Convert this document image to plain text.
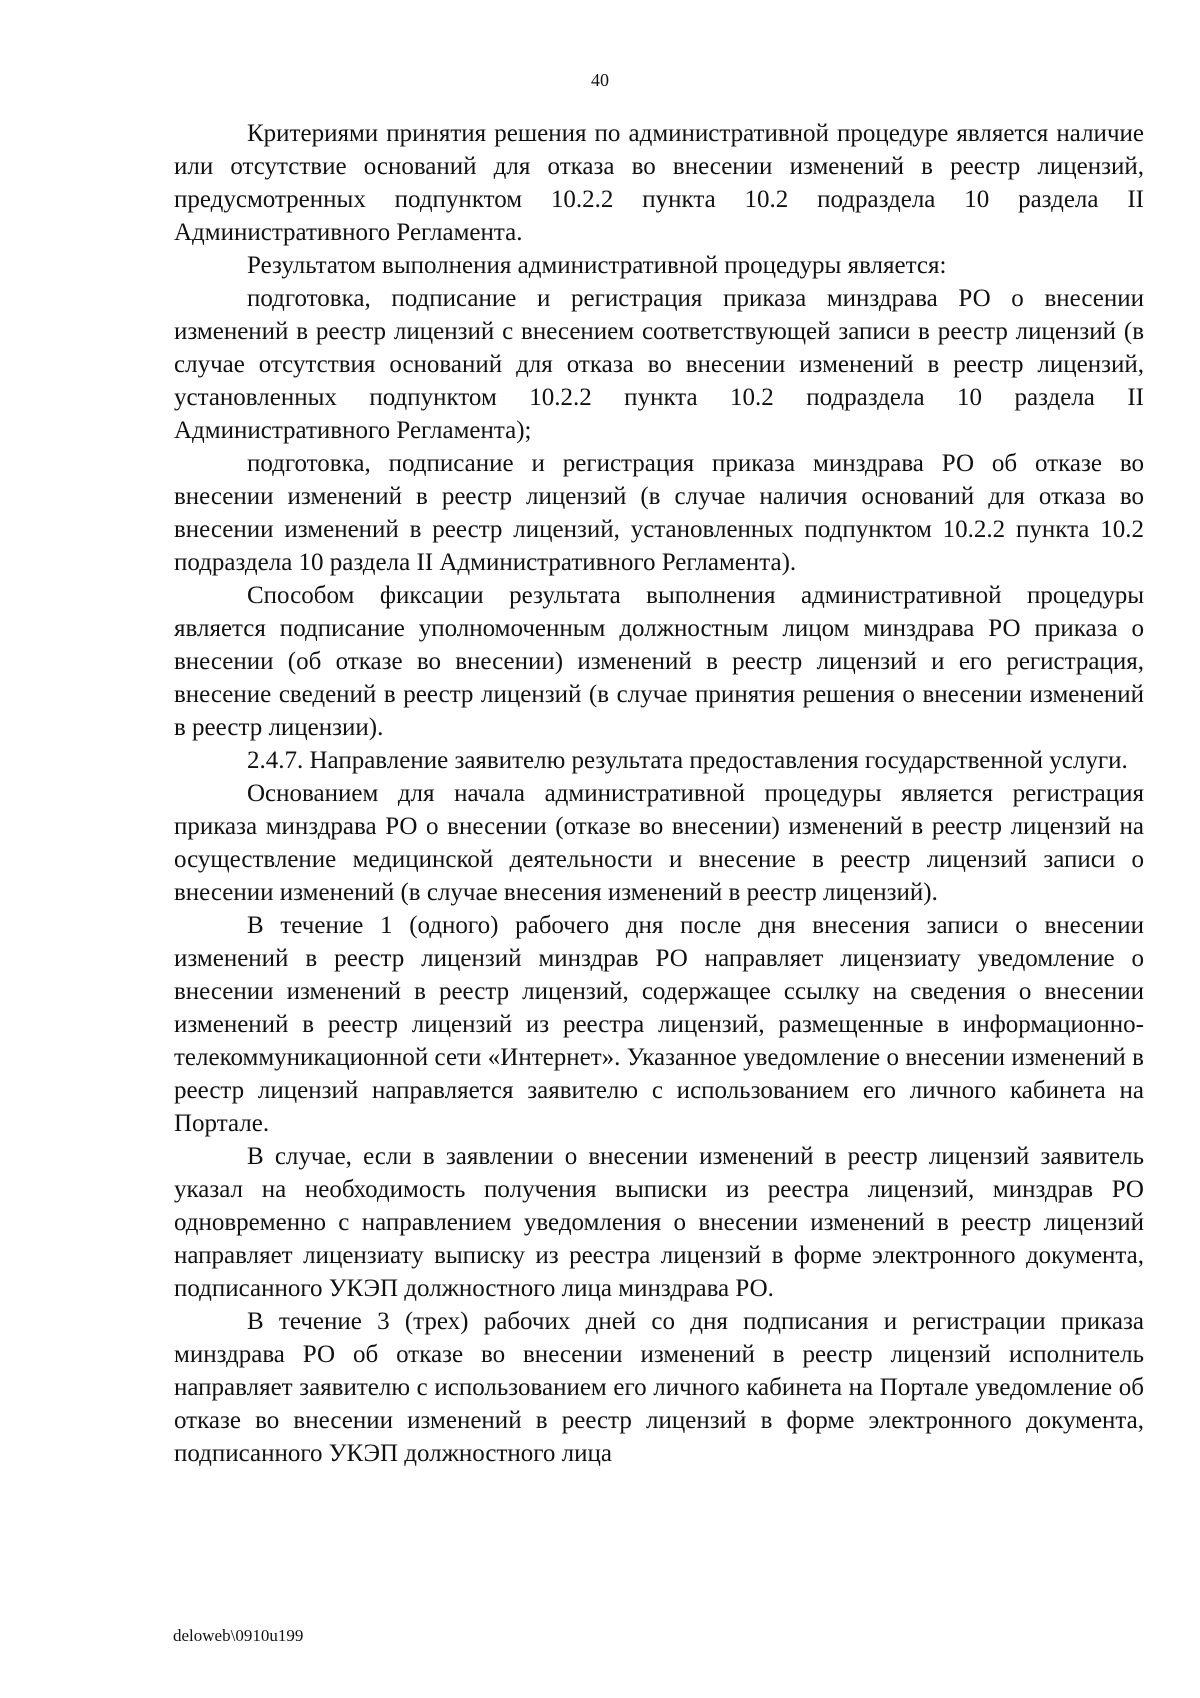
40

Критериями принятия решения по административной процедуре является наличие или отсутствие оснований для отказа во внесении изменений в реестр лицензий, предусмотренных подпунктом 10.2.2 пункта 10.2 подраздела 10 раздела II Административного Регламента.

Результатом выполнения административной процедуры является:

подготовка, подписание и регистрация приказа минздрава РО о внесении изменений в реестр лицензий с внесением соответствующей записи в реестр лицензий (в случае отсутствия оснований для отказа во внесении изменений в реестр лицензий, установленных подпунктом 10.2.2 пункта 10.2 подраздела 10 раздела II Административного Регламента);

подготовка, подписание и регистрация приказа минздрава РО об отказе во внесении изменений в реестр лицензий (в случае наличия оснований для отказа во внесении изменений в реестр лицензий, установленных подпунктом 10.2.2 пункта 10.2 подраздела 10 раздела II Административного Регламента).

Способом фиксации результата выполнения административной процедуры является подписание уполномоченным должностным лицом минздрава РО приказа о внесении (об отказе во внесении) изменений в реестр лицензий и его регистрация, внесение сведений в реестр лицензий (в случае принятия решения о внесении изменений в реестр лицензии).

2.4.7. Направление заявителю результата предоставления государственной услуги.

Основанием для начала административной процедуры является регистрация приказа минздрава РО о внесении (отказе во внесении) изменений в реестр лицензий на осуществление медицинской деятельности и внесение в реестр лицензий записи о внесении изменений (в случае внесения изменений в реестр лицензий).

В течение 1 (одного) рабочего дня после дня внесения записи о внесении изменений в реестр лицензий минздрав РО направляет лицензиату уведомление о внесении изменений в реестр лицензий, содержащее ссылку на сведения о внесении изменений в реестр лицензий из реестра лицензий, размещенные в информационно-телекоммуникационной сети «Интернет». Указанное уведомление о внесении изменений в реестр лицензий направляется заявителю с использованием его личного кабинета на Портале.

В случае, если в заявлении о внесении изменений в реестр лицензий заявитель указал на необходимость получения выписки из реестра лицензий, минздрав РО одновременно с направлением уведомления о внесении изменений в реестр лицензий направляет лицензиату выписку из реестра лицензий в форме электронного документа, подписанного УКЭП должностного лица минздрава РО.

В течение 3 (трех) рабочих дней со дня подписания и регистрации приказа минздрава РО об отказе во внесении изменений в реестр лицензий исполнитель направляет заявителю с использованием его личного кабинета на Портале уведомление об отказе во внесении изменений в реестр лицензий в форме электронного документа, подписанного УКЭП должностного лица

deloweb\0910u199
